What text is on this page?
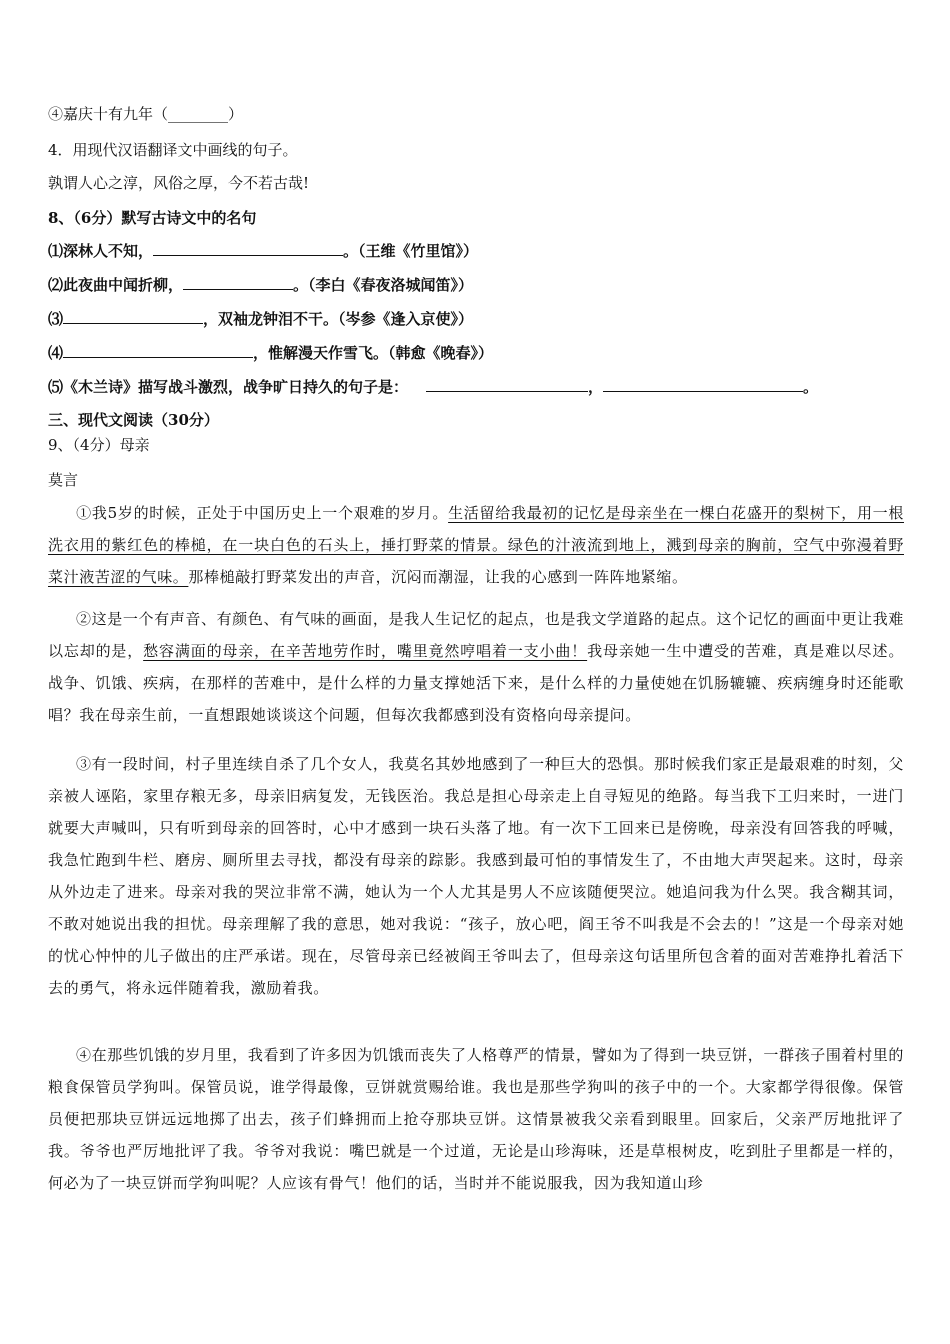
④嘉庆十有九年（________）
4．用现代汉语翻译文中画线的句子。
孰谓人心之淳，风俗之厚，今不若古哉!
8、（6分）默写古诗文中的名句
⑴深林人不知，	。（王维《竹里馆》）
⑵此夜曲中闻折柳，	。（李白《春夜洛城闻笛》）
⑶	，双袖龙钟泪不干。（岑参《逢入京使》）
⑷	，惟解漫天作雪飞。（韩愈《晚春》）
⑸《木兰诗》描写战斗激烈，战争旷日持久的句子是：	，	。
三、现代文阅读（30分）
9、（4分）母亲
莫言
①我5岁的时候，正处于中国历史上一个艰难的岁月。生活留给我最初的记忆是母亲坐在一棵白花盛开的梨树下，用一根洗衣用的紫红色的棒槌，在一块白色的石头上，捶打野菜的情景。绿色的汁液流到地上，溅到母亲的胸前，空气中弥漫着野菜汁液苦涩的气味。那棒槌敲打野菜发出的声音，沉闷而潮湿，让我的心感到一阵阵地紧缩。
②这是一个有声音、有颜色、有气味的画面，是我人生记忆的起点，也是我文学道路的起点。这个记忆的画面中更让我难以忘却的是，愁容满面的母亲，在辛苦地劳作时，嘴里竟然哼唱着一支小曲！我母亲她一生中遭受的苦难，真是难以尽述。战争、饥饿、疾病，在那样的苦难中，是什么样的力量支撑她活下来，是什么样的力量使她在饥肠辘辘、疾病缠身时还能歌唱？我在母亲生前，一直想跟她谈谈这个问题，但每次我都感到没有资格向母亲提问。
③有一段时间，村子里连续自杀了几个女人，我莫名其妙地感到了一种巨大的恐惧。那时候我们家正是最艰难的时刻，父亲被人诬陷，家里存粮无多，母亲旧病复发，无钱医治。我总是担心母亲走上自寻短见的绝路。每当我下工归来时，一进门就要大声喊叫，只有听到母亲的回答时，心中才感到一块石头落了地。有一次下工回来已是傍晚，母亲没有回答我的呼喊，我急忙跑到牛栏、磨房、厕所里去寻找，都没有母亲的踪影。我感到最可怕的事情发生了，不由地大声哭起来。这时，母亲从外边走了进来。母亲对我的哭泣非常不满，她认为一个人尤其是男人不应该随便哭泣。她追问我为什么哭。我含糊其词，不敢对她说出我的担忧。母亲理解了我的意思，她对我说：“孩子，放心吧，阎王爷不叫我是不会去的！”这是一个母亲对她的忧心忡忡的儿子做出的庄严承诺。现在，尽管母亲已经被阎王爷叫去了，但母亲这句话里所包含着的面对苦难挣扎着活下去的勇气，将永远伴随着我，激励着我。
④在那些饥饿的岁月里，我看到了许多因为饥饿而丧失了人格尊严的情景，譬如为了得到一块豆饼，一群孩子围着村里的粮食保管员学狗叫。保管员说，谁学得最像，豆饼就赏赐给谁。我也是那些学狗叫的孩子中的一个。大家都学得很像。保管员便把那块豆饼远远地掷了出去，孩子们蜂拥而上抢夺那块豆饼。这情景被我父亲看到眼里。回家后，父亲严厉地批评了我。爷爷也严厉地批评了我。爷爷对我说：嘴巴就是一个过道，无论是山珍海味，还是草根树皮，吃到肚子里都是一样的，何必为了一块豆饼而学狗叫呢？人应该有骨气！他们的话，当时并不能说服我，因为我知道山珍
